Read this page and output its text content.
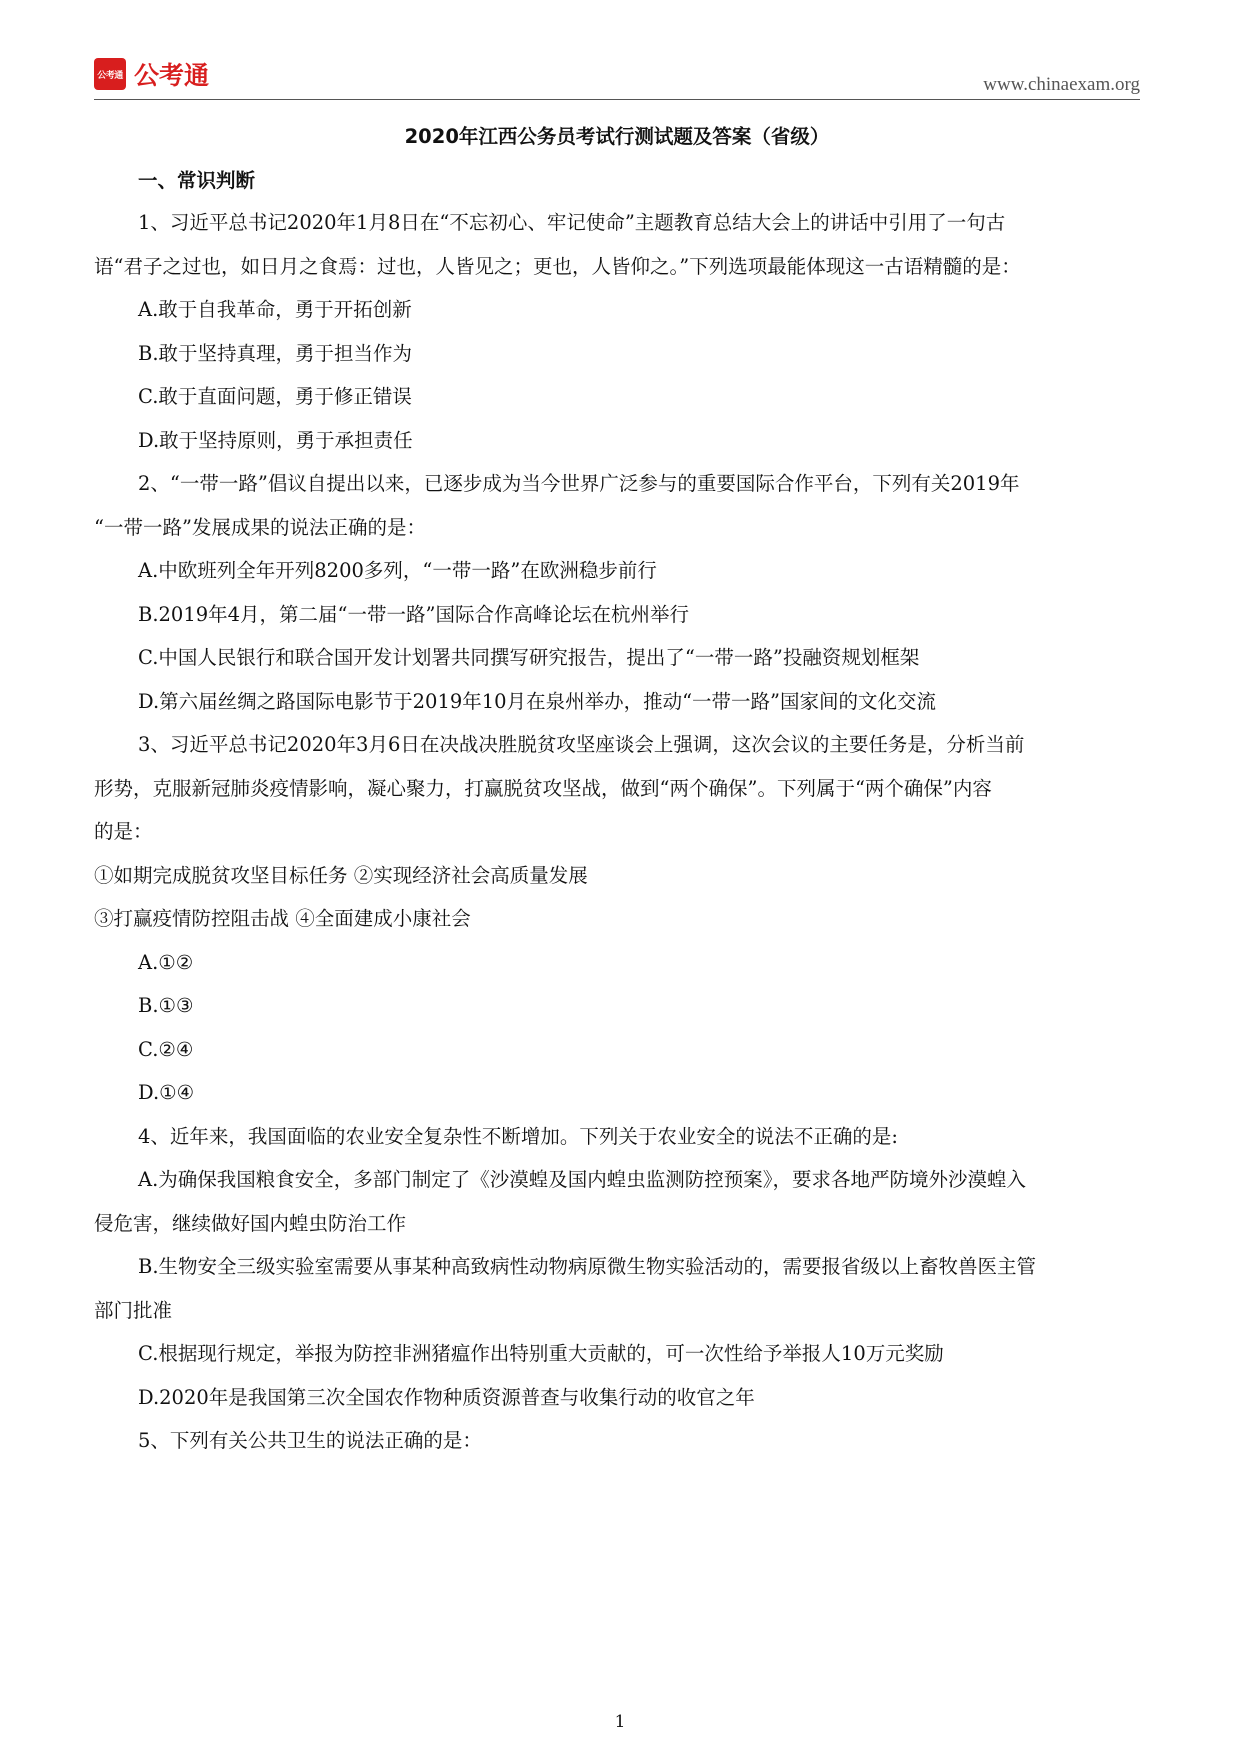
公考通 公考通	www.chinaexam.org
2020年江西公务员考试行测试题及答案（省级）
一、常识判断
1、习近平总书记2020年1月8日在“不忘初心、牢记使命”主题教育总结大会上的讲话中引用了一句古
语“君子之过也，如日月之食焉：过也，人皆见之；更也，人皆仰之。”下列选项最能体现这一古语精髓的是：
A.敢于自我革命，勇于开拓创新
B.敢于坚持真理，勇于担当作为
C.敢于直面问题，勇于修正错误
D.敢于坚持原则，勇于承担责任
2、“一带一路”倡议自提出以来，已逐步成为当今世界广泛参与的重要国际合作平台，下列有关2019年
“一带一路”发展成果的说法正确的是：
A.中欧班列全年开列8200多列，“一带一路”在欧洲稳步前行
B.2019年4月，第二届“一带一路”国际合作高峰论坛在杭州举行
C.中国人民银行和联合国开发计划署共同撰写研究报告，提出了“一带一路”投融资规划框架
D.第六届丝绸之路国际电影节于2019年10月在泉州举办，推动“一带一路”国家间的文化交流
3、习近平总书记2020年3月6日在决战决胜脱贫攻坚座谈会上强调，这次会议的主要任务是，分析当前
形势，克服新冠肺炎疫情影响，凝心聚力，打赢脱贫攻坚战，做到“两个确保”。下列属于“两个确保”内容
的是：
①如期完成脱贫攻坚目标任务 ②实现经济社会高质量发展
③打赢疫情防控阻击战 ④全面建成小康社会
A.①②
B.①③
C.②④
D.①④
4、近年来，我国面临的农业安全复杂性不断增加。下列关于农业安全的说法不正确的是:
A.为确保我国粮食安全，多部门制定了《沙漠蝗及国内蝗虫监测防控预案》，要求各地严防境外沙漠蝗入
侵危害，继续做好国内蝗虫防治工作
B.生物安全三级实验室需要从事某种高致病性动物病原微生物实验活动的，需要报省级以上畜牧兽医主管
部门批准
C.根据现行规定，举报为防控非洲猪瘟作出特别重大贡献的，可一次性给予举报人10万元奖励
D.2020年是我国第三次全国农作物种质资源普查与收集行动的收官之年
5、下列有关公共卫生的说法正确的是：
1
